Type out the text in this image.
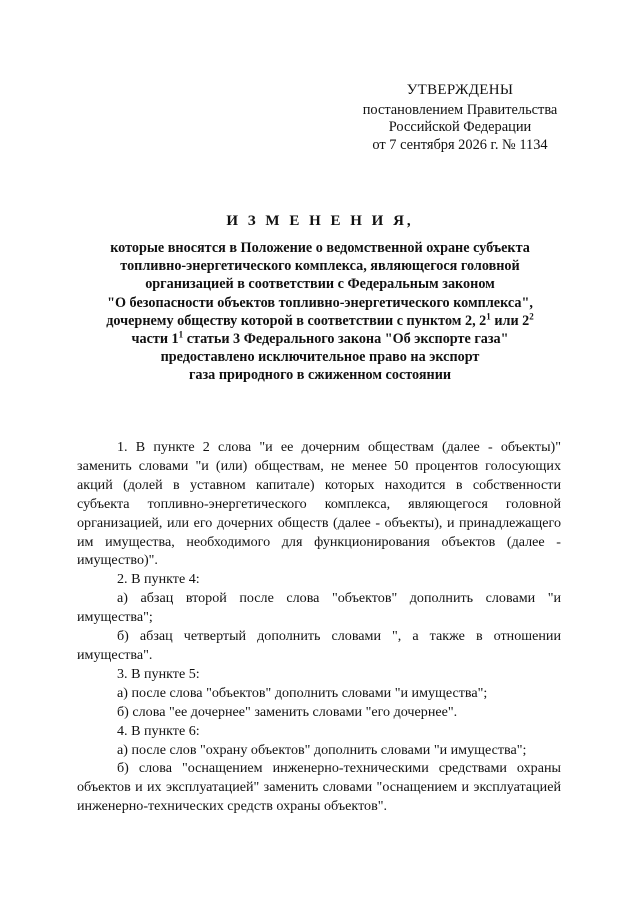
УТВЕРЖДЕНЫ
постановлением Правительства
Российской Федерации
от 7 сентября 2026 г. № 1134
И З М Е Н Е Н И Я,
которые вносятся в Положение о ведомственной охране субъекта
топливно-энергетического комплекса, являющегося головной
организацией в соответствии с Федеральным законом
"О безопасности объектов топливно-энергетического комплекса",
дочернему обществу которой в соответствии с пунктом 2, $2^1$ или $2^2$
части $1^1$ статьи 3 Федерального закона "Об экспорте газа"
предоставлено исключительное право на экспорт
газа природного в сжиженном состоянии
1. В пункте 2 слова "и ее дочерним обществам (далее - объекты)" заменить словами "и (или) обществам, не менее 50 процентов голосующих акций (долей в уставном капитале) которых находится в собственности субъекта топливно-энергетического комплекса, являющегося головной организацией, или его дочерних обществ (далее - объекты), и принадлежащего им имущества, необходимого для функционирования объектов (далее - имущество)".
2. В пункте 4:
а) абзац второй после слова "объектов" дополнить словами "и имущества";
б) абзац четвертый дополнить словами ", а также в отношении имущества".
3. В пункте 5:
а) после слова "объектов" дополнить словами "и имущества";
б) слова "ее дочернее" заменить словами "его дочернее".
4. В пункте 6:
а) после слов "охрану объектов" дополнить словами "и имущества";
б) слова "оснащением инженерно-техническими средствами охраны объектов и их эксплуатацией" заменить словами "оснащением и эксплуатацией инженерно-технических средств охраны объектов".
